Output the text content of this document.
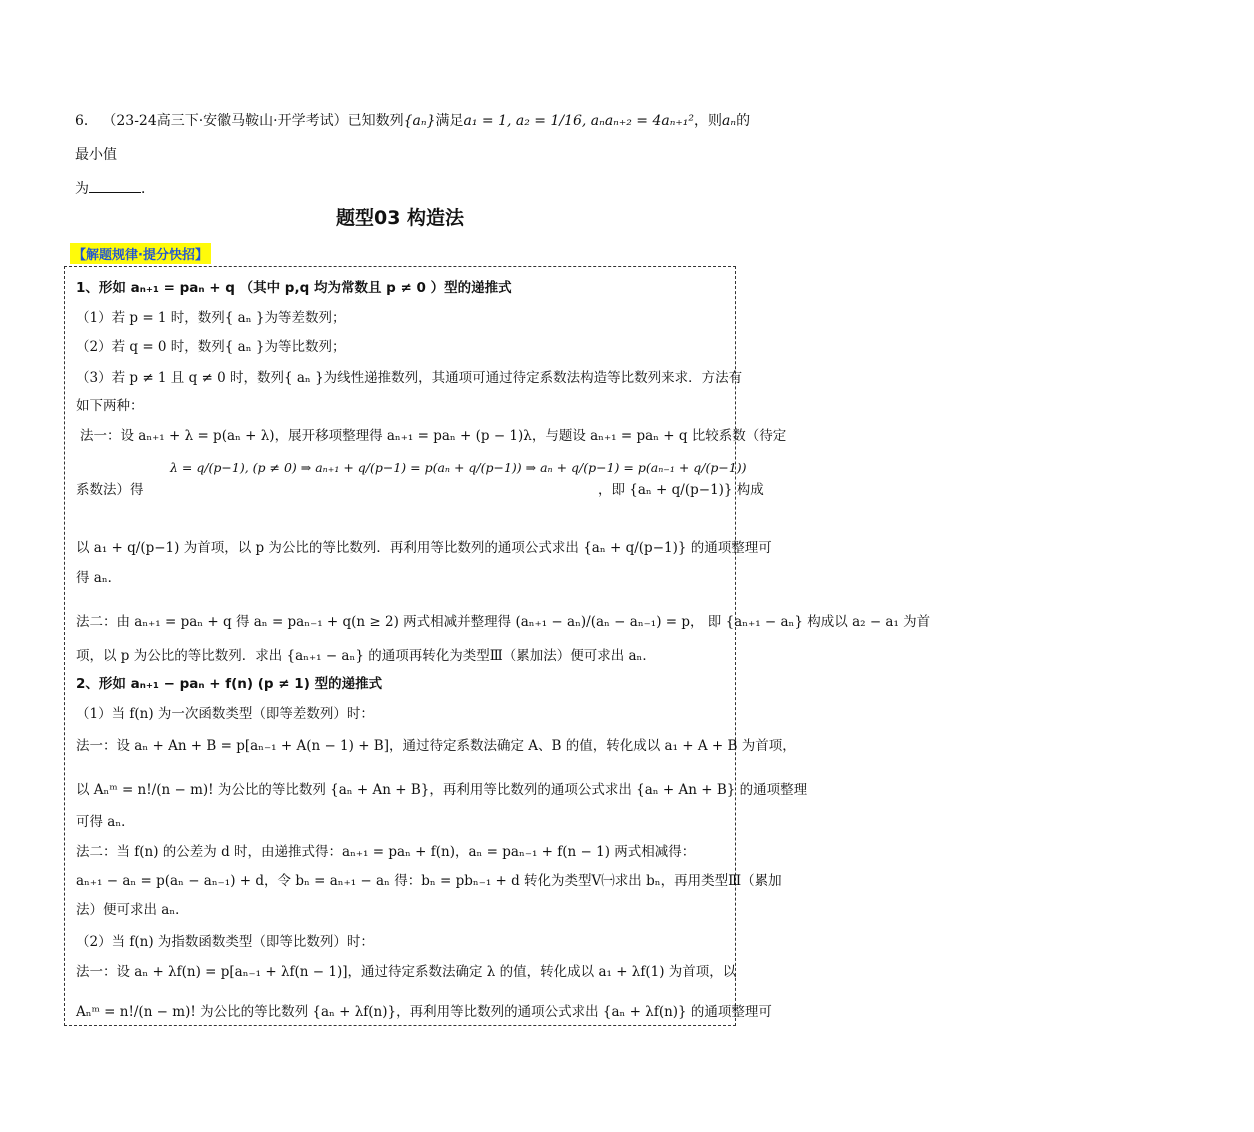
6． （23-24高三下·安徽马鞍山·开学考试）已知数列{aₙ}满足a₁ = 1, a₂ = 1/16, aₙaₙ₊₂ = 4aₙ₊₁²，则aₙ的最小值
为	．
题型03 构造法
【解题规律·提分快招】
1、形如 aₙ₊₁ = paₙ + q （其中 p,q 均为常数且 p ≠ 0 ）型的递推式
（1）若 p = 1 时，数列{ aₙ }为等差数列；
（2）若 q = 0 时，数列{ aₙ }为等比数列；
（3）若 p ≠ 1 且 q ≠ 0 时，数列{ aₙ }为线性递推数列，其通项可通过待定系数法构造等比数列来求．方法有
如下两种：
法一：设 aₙ₊₁ + λ = p(aₙ + λ)，展开移项整理得 aₙ₊₁ = paₙ + (p − 1)λ，与题设 aₙ₊₁ = paₙ + q 比较系数（待定
λ = q/(p−1), (p ≠ 0) ⇒ aₙ₊₁ + q/(p−1) = p(aₙ + q/(p−1)) ⇒ aₙ + q/(p−1) = p(aₙ₋₁ + q/(p−1))
系数法）得	，即 {aₙ + q/(p−1)} 构成
以 a₁ + q/(p−1) 为首项，以 p 为公比的等比数列．再利用等比数列的通项公式求出 {aₙ + q/(p−1)} 的通项整理可
得 aₙ．
法二：由 aₙ₊₁ = paₙ + q 得 aₙ = paₙ₋₁ + q(n ≥ 2) 两式相减并整理得 (aₙ₊₁ − aₙ)/(aₙ − aₙ₋₁) = p， 即 {aₙ₊₁ − aₙ} 构成以 a₂ − a₁ 为首
项，以 p 为公比的等比数列．求出 {aₙ₊₁ − aₙ} 的通项再转化为类型Ⅲ（累加法）便可求出 aₙ．
2、形如 aₙ₊₁ − paₙ + f(n) (p ≠ 1) 型的递推式
（1）当 f(n) 为一次函数类型（即等差数列）时：
法一：设 aₙ + An + B = p[aₙ₋₁ + A(n − 1) + B]，通过待定系数法确定 A、B 的值，转化成以 a₁ + A + B 为首项，
以 Aₙᵐ = n!/(n − m)! 为公比的等比数列 {aₙ + An + B}，再利用等比数列的通项公式求出 {aₙ + An + B} 的通项整理
可得 aₙ．
法二：当 f(n) 的公差为 d 时，由递推式得：aₙ₊₁ = paₙ + f(n)，aₙ = paₙ₋₁ + f(n − 1) 两式相减得：
aₙ₊₁ − aₙ = p(aₙ − aₙ₋₁) + d，令 bₙ = aₙ₊₁ − aₙ 得：bₙ = pbₙ₋₁ + d 转化为类型Ⅴ㈠求出 bₙ，再用类型Ⅲ（累加
法）便可求出 aₙ．
（2）当 f(n) 为指数函数类型（即等比数列）时：
法一：设 aₙ + λf(n) = p[aₙ₋₁ + λf(n − 1)]，通过待定系数法确定 λ 的值，转化成以 a₁ + λf(1) 为首项，以
Aₙᵐ = n!/(n − m)! 为公比的等比数列 {aₙ + λf(n)}，再利用等比数列的通项公式求出 {aₙ + λf(n)} 的通项整理可
